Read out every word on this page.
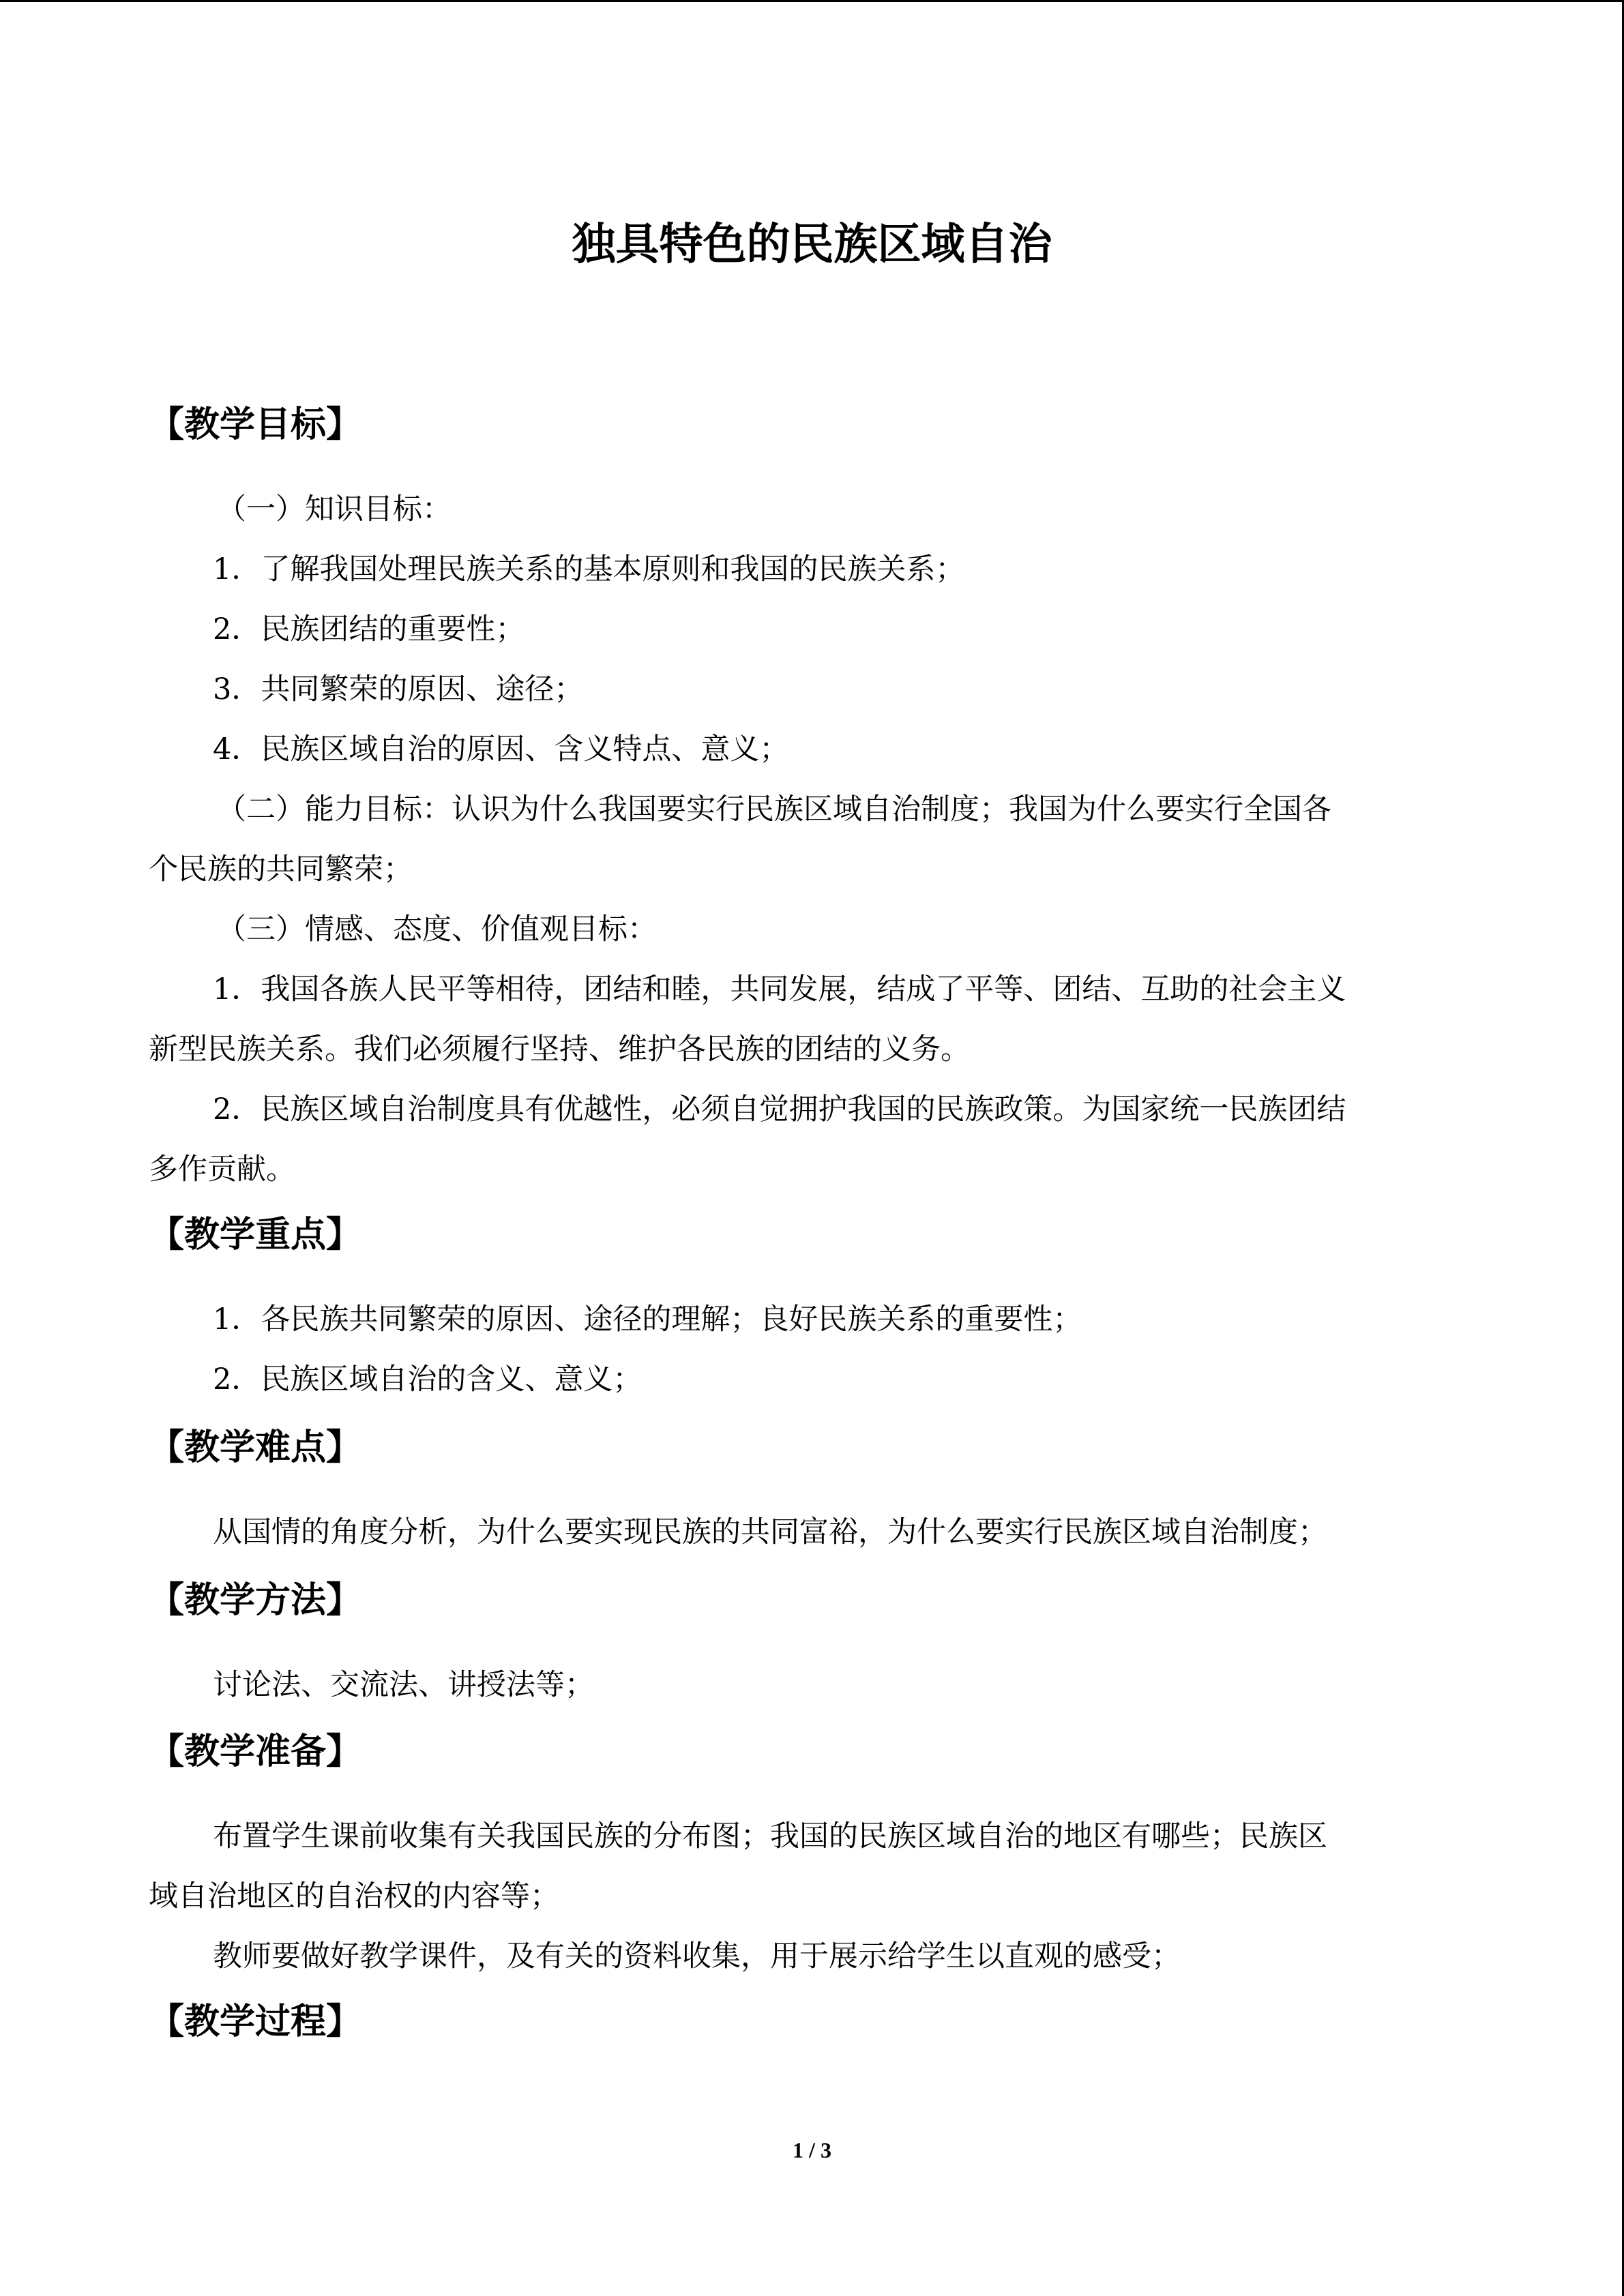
独具特色的民族区域自治
【教学目标】
（一）知识目标：
1．了解我国处理民族关系的基本原则和我国的民族关系；
2．民族团结的重要性；
3．共同繁荣的原因、途径；
4．民族区域自治的原因、含义特点、意义；
（二）能力目标：认识为什么我国要实行民族区域自治制度；我国为什么要实行全国各
个民族的共同繁荣；
（三）情感、态度、价值观目标：
1．我国各族人民平等相待，团结和睦，共同发展，结成了平等、团结、互助的社会主义
新型民族关系。我们必须履行坚持、维护各民族的团结的义务。
2．民族区域自治制度具有优越性，必须自觉拥护我国的民族政策。为国家统一民族团结
多作贡献。
【教学重点】
1．各民族共同繁荣的原因、途径的理解；良好民族关系的重要性；
2．民族区域自治的含义、意义；
【教学难点】
从国情的角度分析，为什么要实现民族的共同富裕，为什么要实行民族区域自治制度；
【教学方法】
讨论法、交流法、讲授法等；
【教学准备】
布置学生课前收集有关我国民族的分布图；我国的民族区域自治的地区有哪些；民族区
域自治地区的自治权的内容等；
教师要做好教学课件，及有关的资料收集，用于展示给学生以直观的感受；
【教学过程】
1 / 3
